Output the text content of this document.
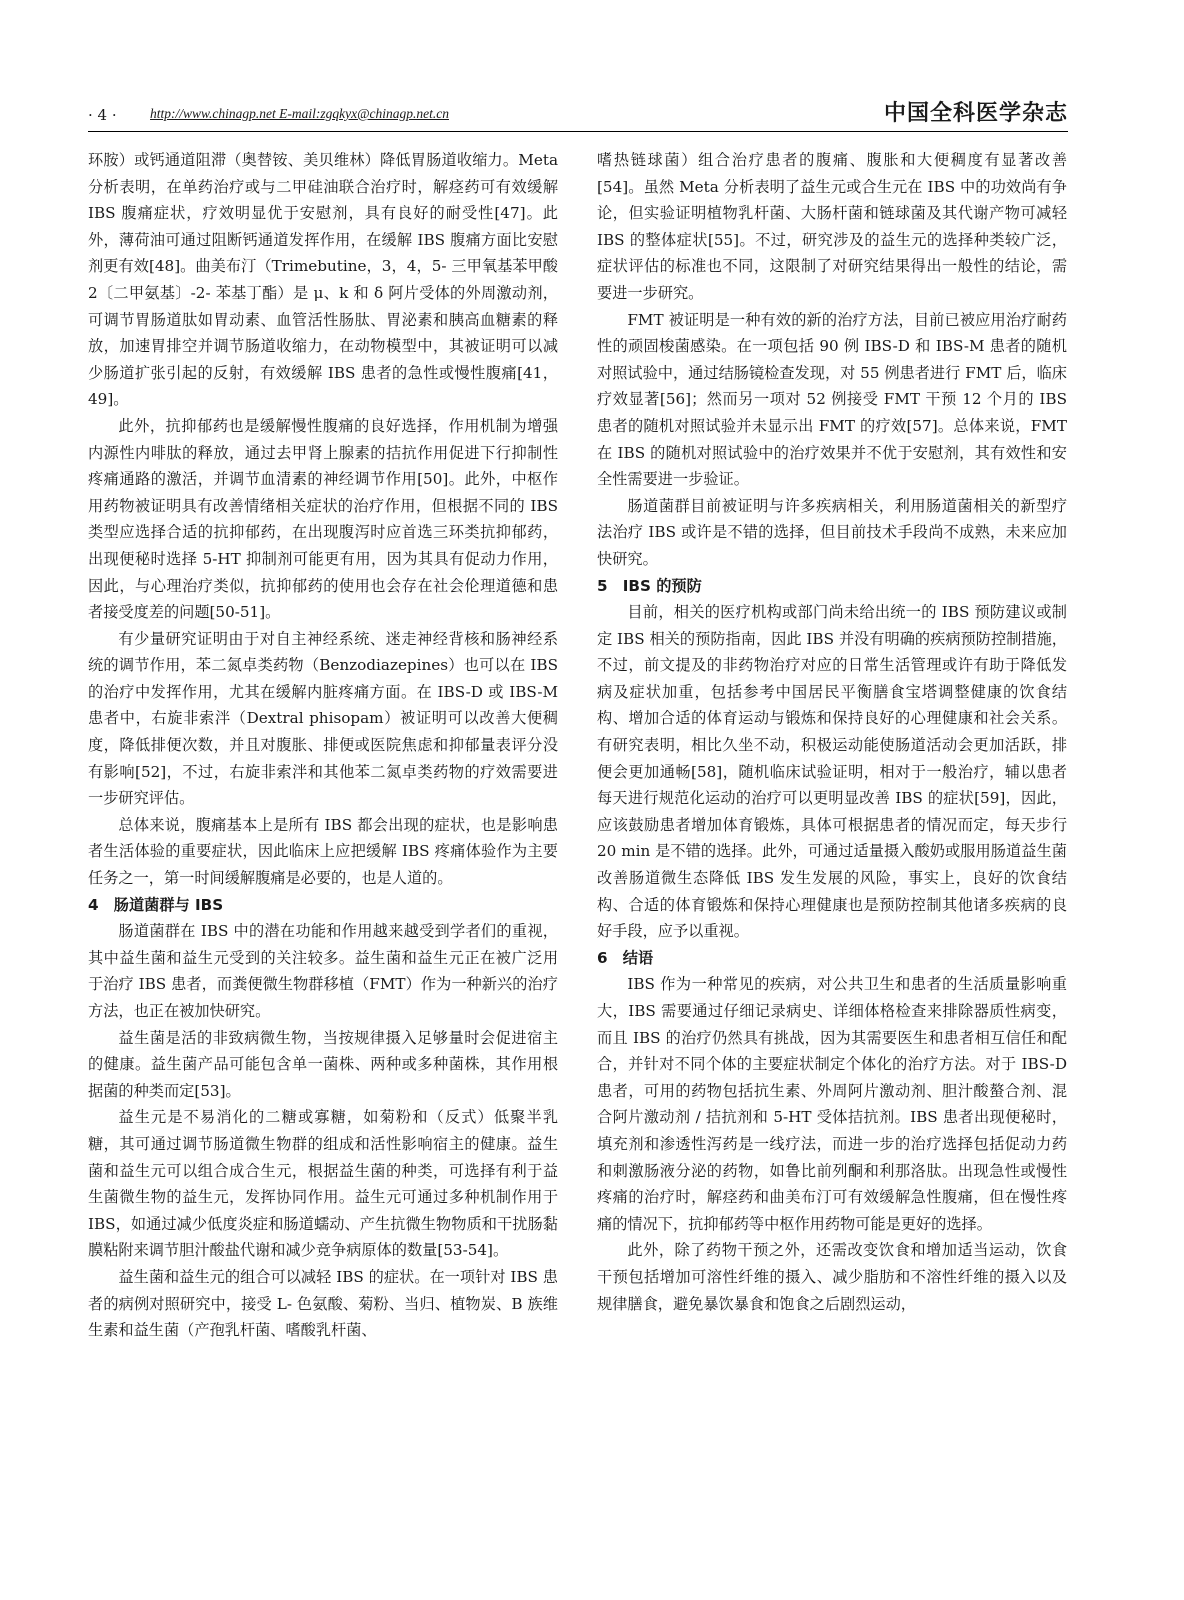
· 4 · http://www.chinagp.net E-mail:zgqkyx@chinagp.net.cn	中国全科医学杂志

环胺）或钙通道阻滞（奥替铵、美贝维林）降低胃肠道收缩力。Meta 分析表明，在单药治疗或与二甲硅油联合治疗时，解痉药可有效缓解 IBS 腹痛症状，疗效明显优于安慰剂，具有良好的耐受性[47]。此外，薄荷油可通过阻断钙通道发挥作用，在缓解 IBS 腹痛方面比安慰剂更有效[48]。曲美布汀（Trimebutine，3，4，5- 三甲氧基苯甲酸 2〔二甲氨基〕-2- 苯基丁酯）是 μ、k 和 δ 阿片受体的外周激动剂，可调节胃肠道肽如胃动素、血管活性肠肽、胃泌素和胰高血糖素的释放，加速胃排空并调节肠道收缩力，在动物模型中，其被证明可以减少肠道扩张引起的反射，有效缓解 IBS 患者的急性或慢性腹痛[41，49]。

此外，抗抑郁药也是缓解慢性腹痛的良好选择，作用机制为增强内源性内啡肽的释放，通过去甲肾上腺素的拮抗作用促进下行抑制性疼痛通路的激活，并调节血清素的神经调节作用[50]。此外，中枢作用药物被证明具有改善情绪相关症状的治疗作用，但根据不同的 IBS 类型应选择合适的抗抑郁药，在出现腹泻时应首选三环类抗抑郁药，出现便秘时选择 5-HT 抑制剂可能更有用，因为其具有促动力作用，因此，与心理治疗类似，抗抑郁药的使用也会存在社会伦理道德和患者接受度差的问题[50-51]。

有少量研究证明由于对自主神经系统、迷走神经背核和肠神经系统的调节作用，苯二氮卓类药物（Benzodiazepines）也可以在 IBS 的治疗中发挥作用，尤其在缓解内脏疼痛方面。在 IBS-D 或 IBS-M 患者中，右旋非索泮（Dextral phisopam）被证明可以改善大便稠度，降低排便次数，并且对腹胀、排便或医院焦虑和抑郁量表评分没有影响[52]，不过，右旋非索泮和其他苯二氮卓类药物的疗效需要进一步研究评估。

总体来说，腹痛基本上是所有 IBS 都会出现的症状，也是影响患者生活体验的重要症状，因此临床上应把缓解 IBS 疼痛体验作为主要任务之一，第一时间缓解腹痛是必要的，也是人道的。

4　肠道菌群与 IBS

肠道菌群在 IBS 中的潜在功能和作用越来越受到学者们的重视，其中益生菌和益生元受到的关注较多。益生菌和益生元正在被广泛用于治疗 IBS 患者，而粪便微生物群移植（FMT）作为一种新兴的治疗方法，也正在被加快研究。

益生菌是活的非致病微生物，当按规律摄入足够量时会促进宿主的健康。益生菌产品可能包含单一菌株、两种或多种菌株，其作用根据菌的种类而定[53]。

益生元是不易消化的二糖或寡糖，如菊粉和（反式）低聚半乳糖，其可通过调节肠道微生物群的组成和活性影响宿主的健康。益生菌和益生元可以组合成合生元，根据益生菌的种类，可选择有利于益生菌微生物的益生元，发挥协同作用。益生元可通过多种机制作用于 IBS，如通过减少低度炎症和肠道蠕动、产生抗微生物物质和干扰肠黏膜粘附来调节胆汁酸盐代谢和减少竞争病原体的数量[53-54]。

益生菌和益生元的组合可以减轻 IBS 的症状。在一项针对 IBS 患者的病例对照研究中，接受 L- 色氨酸、菊粉、当归、植物炭、B 族维生素和益生菌（产孢乳杆菌、嗜酸乳杆菌、

嗜热链球菌）组合治疗患者的腹痛、腹胀和大便稠度有显著改善[54]。虽然 Meta 分析表明了益生元或合生元在 IBS 中的功效尚有争论，但实验证明植物乳杆菌、大肠杆菌和链球菌及其代谢产物可减轻 IBS 的整体症状[55]。不过，研究涉及的益生元的选择种类较广泛，症状评估的标准也不同，这限制了对研究结果得出一般性的结论，需要进一步研究。

FMT 被证明是一种有效的新的治疗方法，目前已被应用治疗耐药性的顽固梭菌感染。在一项包括 90 例 IBS-D 和 IBS-M 患者的随机对照试验中，通过结肠镜检查发现，对 55 例患者进行 FMT 后，临床疗效显著[56]；然而另一项对 52 例接受 FMT 干预 12 个月的 IBS 患者的随机对照试验并未显示出 FMT 的疗效[57]。总体来说，FMT 在 IBS 的随机对照试验中的治疗效果并不优于安慰剂，其有效性和安全性需要进一步验证。

肠道菌群目前被证明与许多疾病相关，利用肠道菌相关的新型疗法治疗 IBS 或许是不错的选择，但目前技术手段尚不成熟，未来应加快研究。

5　IBS 的预防

目前，相关的医疗机构或部门尚未给出统一的 IBS 预防建议或制定 IBS 相关的预防指南，因此 IBS 并没有明确的疾病预防控制措施，不过，前文提及的非药物治疗对应的日常生活管理或许有助于降低发病及症状加重，包括参考中国居民平衡膳食宝塔调整健康的饮食结构、增加合适的体育运动与锻炼和保持良好的心理健康和社会关系。有研究表明，相比久坐不动，积极运动能使肠道活动会更加活跃，排便会更加通畅[58]，随机临床试验证明，相对于一般治疗，辅以患者每天进行规范化运动的治疗可以更明显改善 IBS 的症状[59]，因此，应该鼓励患者增加体育锻炼，具体可根据患者的情况而定，每天步行 20 min 是不错的选择。此外，可通过适量摄入酸奶或服用肠道益生菌改善肠道微生态降低 IBS 发生发展的风险，事实上，良好的饮食结构、合适的体育锻炼和保持心理健康也是预防控制其他诸多疾病的良好手段，应予以重视。

6　结语

IBS 作为一种常见的疾病，对公共卫生和患者的生活质量影响重大，IBS 需要通过仔细记录病史、详细体格检查来排除器质性病变，而且 IBS 的治疗仍然具有挑战，因为其需要医生和患者相互信任和配合，并针对不同个体的主要症状制定个体化的治疗方法。对于 IBS-D 患者，可用的药物包括抗生素、外周阿片激动剂、胆汁酸螯合剂、混合阿片激动剂 / 拮抗剂和 5-HT 受体拮抗剂。IBS 患者出现便秘时，填充剂和渗透性泻药是一线疗法，而进一步的治疗选择包括促动力药和刺激肠液分泌的药物，如鲁比前列酮和利那洛肽。出现急性或慢性疼痛的治疗时，解痉药和曲美布汀可有效缓解急性腹痛，但在慢性疼痛的情况下，抗抑郁药等中枢作用药物可能是更好的选择。

此外，除了药物干预之外，还需改变饮食和增加适当运动，饮食干预包括增加可溶性纤维的摄入、减少脂肪和不溶性纤维的摄入以及规律膳食，避免暴饮暴食和饱食之后剧烈运动，
